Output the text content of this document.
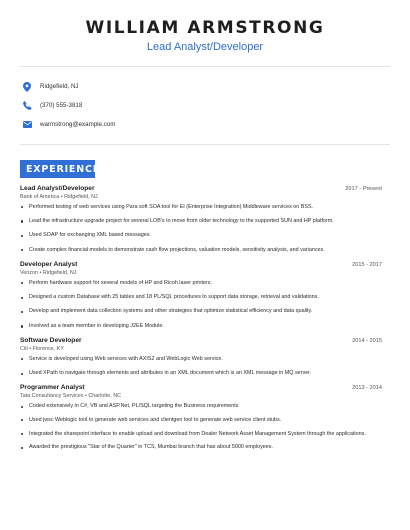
WILLIAM ARMSTRONG
Lead Analyst/Developer
Ridgefield, NJ
(370) 555-3818
warmstrong@example.com
EXPERIENCE
Lead Analyst/Developer	2017 - Present
Bank of America • Ridgefield, NJ
Performed testing of web services using Para soft SOA tool for EI (Enterprise Integration) Middleware services on BSS.
Lead the infrastructure upgrade project for several LOB's to move from older technology to the supported SUN and HP platform.
Used SOAP for exchanging XML based messages.
Create complex financial models to demonstrate cash flow projections, valuation models, sensitivity analysis, and variances.
Developer Analyst	2015 - 2017
Verizon • Ridgefield, NJ
Perform hardware support for several models of HP and Ricoh laser printers.
Designed a custom Database with 25 tables and 18 PL/SQL procedures to support data storage, retrieval and validations.
Develop and implement data collection systems and other strategies that optimize statistical efficiency and data quality.
Involved as a team member in developing J2EE Module.
Software Developer	2014 - 2015
Citi • Florence, KY
Service is developed using Web services with AXIS2 and WebLogic Web service.
Used XPath to navigate through elements and attributes in an XML document which is an XML message in MQ server.
Programmer Analyst	2013 - 2014
Tata Consultancy Services • Charlotte, NC
Coded extensively in C#, VB and ASP.Net, PL/SQL targeting the Business requirements
Used jwsc Weblogic tool to generate web services and clientgen tool to generate web service client stubs.
Integrated the sharepoint interface to enable upload and download from Dealer Network Asset Management System through the applications.
Awarded the prestigious "Star of the Quarter" in TCS, Mumbai branch that has about 5000 employees.
